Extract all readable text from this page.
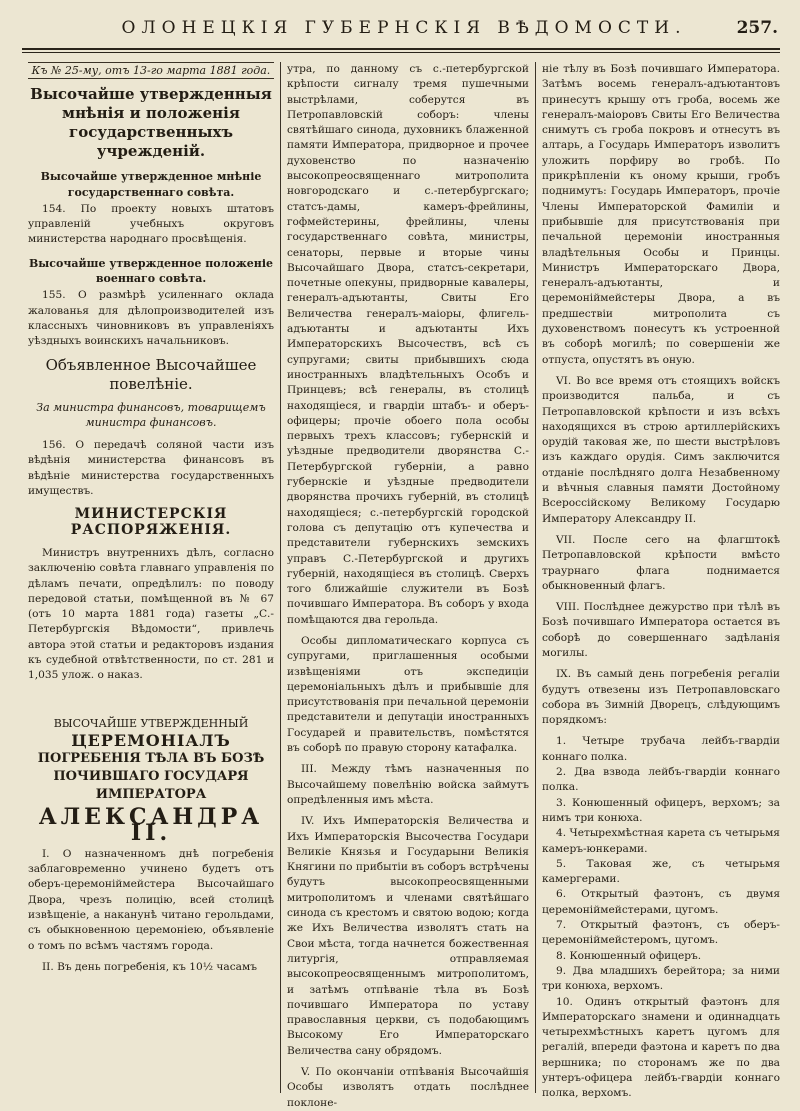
ОЛОНЕЦКІЯ ГУБЕРНСКІЯ ВѢДОМОСТИ.	257.

Къ № 25-му, отъ 13-го марта 1881 года.

Высочайше утвержденныя мнѣнія и положенія государственныхъ учрежденій.

Высочайше утвержденное мнѣніе государственнаго совѣта.

154. По проекту новыхъ штатовъ управленій учебныхъ округовъ министерства народнаго просвѣщенія.

Высочайше утвержденное положеніе военнаго совѣта.

155. О размѣрѣ усиленнаго оклада жалованья для дѣлопроизводителей изъ классныхъ чиновниковъ въ управленіяхъ уѣздныхъ воинскихъ начальниковъ.

Объявленное Высочайшее повелѣніе.

За министра финансовъ, товарищемъ министра финансовъ.

156. О передачѣ соляной части изъ вѣдѣнія министерства финансовъ въ вѣдѣніе министерства государственныхъ имуществъ.

МИНИСТЕРСКІЯ РАСПОРЯЖЕНІЯ.

Министръ внутреннихъ дѣлъ, согласно заключенію совѣта главнаго управленія по дѣламъ печати, опредѣлилъ: по поводу передовой статьи, помѣщенной въ № 67 (отъ 10 марта 1881 года) газеты „С.-Петербургскія Вѣдомости“, привлечь автора этой статьи и редакторовъ издания къ судебной отвѣтственности, по ст. 281 и 1,035 улож. о наказ.

ВЫСОЧАЙШЕ УТВЕРЖДЕННЫЙ

ЦЕРЕМОНІАЛЪ

ПОГРЕБЕНІЯ ТѢЛА ВЪ БОЗѢ ПОЧИВШАГО ГОСУДАРЯ ИМПЕРАТОРА

АЛЕКСАНДРА II.

I. О назначенномъ днѣ погребенія заблаговременно учинено будетъ отъ оберъ-церемоніймейстера Высочайшаго Двора, чрезъ полицію, всей столицѣ извѣщеніе, а наканунѣ читано герольдами, съ обыкновенною церемоніею, объявленіе о томъ по всѣмъ частямъ города.

II. Въ день погребенія, къ 10½ часамъ

утра, по данному съ с.-петербургской крѣпости сигналу тремя пушечными выстрѣлами, соберутся въ Петропавловскій соборъ: члены святѣйшаго синода, духовникъ блаженной памяти Императора, придворное и прочее духовенство по назначенію высокопреосвященнаго митрополита новгородскаго и с.-петербургскаго; статсъ-дамы, камеръ-фрейлины, гофмейстерины, фрейлины, члены государственнаго совѣта, министры, сенаторы, первые и вторые чины Высочайшаго Двора, статсъ-секретари, почетные опекуны, придворные кавалеры, генералъ-адъютанты, Свиты Его Величества генералъ-маіоры, флигель-адъютанты и адъютанты Ихъ Императорскихъ Высочествъ, всѣ съ супругами; свиты прибывшихъ сюда иностранныхъ владѣтельныхъ Особъ и Принцевъ; всѣ генералы, въ столицѣ находящіеся, и гвардіи штабъ- и оберъ-офицеры; прочіе обоего пола особы первыхъ трехъ классовъ; губернскій и уѣздные предводители дворянства С.-Петербургской губерніи, а равно губернскіе и уѣздные предводители дворянства прочихъ губерній, въ столицѣ находящіеся; с.-петербургскій городской голова съ депутацію отъ купечества и представители губернскихъ земскихъ управъ С.-Петербургской и другихъ губерній, находящіеся въ столицѣ. Сверхъ того ближайшіе служители въ Бозѣ почившаго Императора. Въ соборъ у входа помѣщаются два герольда.

Особы дипломатическаго корпуса съ супругами, приглашенныя особыми извѣщеніями отъ экспедиціи церемоніальныхъ дѣлъ и прибывшіе для присутствованія при печальной церемоніи представители и депутаціи иностранныхъ Государей и правительствъ, помѣстятся въ соборѣ по правую сторону катафалка.

III. Между тѣмъ назначенныя по Высочайшему повелѣнію войска займутъ опредѣленныя имъ мѣста.

IV. Ихъ Императорскія Величества и Ихъ Императорскія Высочества Государи Великіе Князья и Государыни Великія Княгини по прибытіи въ соборъ встрѣчены будутъ высокопреосвященными митрополитомъ и членами святѣйшаго синода съ крестомъ и святою водою; когда же Ихъ Величества изволятъ стать на Свои мѣста, тогда начнется божественная литургія, отправляемая высокопреосвященнымъ митрополитомъ, и затѣмъ отпѣваніе тѣла въ Бозѣ почившаго Императора по уставу православныя церкви, съ подобающимъ Высокому Его Императорскаго Величества сану обрядомъ.

V. По окончаніи отпѣванія Высочайшія Особы изволятъ отдать послѣднее поклоне-

ніе тѣлу въ Бозѣ почившаго Императора. Затѣмъ восемь генералъ-адъютантовъ принесутъ крышу отъ гроба, восемь же генералъ-маіоровъ Свиты Его Величества снимутъ съ гроба покровъ и отнесутъ въ алтарь, а Государь Императоръ изволитъ уложить порфиру во гробѣ. По прикрѣпленіи къ оному крыши, гробъ поднимутъ: Государь Императоръ, прочіе Члены Императорской Фамиліи и прибывшіе для присутствованія при печальной церемоніи иностранныя владѣтельныя Особы и Принцы. Министръ Императорскаго Двора, генералъ-адъютанты, и церемоніймейстеры Двора, а въ предшествіи митрополита съ духовенствомъ понесутъ къ устроенной въ соборѣ могилѣ; по совершеніи же отпуста, опустятъ въ оную.

VI. Во все время отъ стоящихъ войскъ производится пальба, и съ Петропавловской крѣпости и изъ всѣхъ находящихся въ строю артиллерійскихъ орудій таковая же, по шести выстрѣловъ изъ каждаго орудія. Симъ заключится отданіе послѣдняго долга Незабвенному и вѣчныя славныя памяти Достойному Всероссійскому Великому Государю Императору Александру II.

VII. После сего на флагштокѣ Петропавловской крѣпости вмѣсто траурнаго флага поднимается обыкновенный флагъ.

VIII. Послѣднее дежурство при тѣлѣ въ Бозѣ почившаго Императора остается въ соборѣ до совершеннаго задѣланія могилы.

IX. Въ самый день погребенія регаліи будутъ отвезены изъ Петропавловскаго собора въ Зимній Дворецъ, слѣдующимъ порядкомъ:

1. Четыре трубача лейбъ-гвардіи коннаго полка.

2. Два взвода лейбъ-гвардіи коннаго полка.

3. Конюшенный офицеръ, верхомъ; за нимъ три конюха.

4. Четырехмѣстная карета съ четырьмя камеръ-юнкерами.

5. Таковая же, съ четырьмя камергерами.

6. Открытый фаэтонъ, съ двумя церемоніймейстерами, цугомъ.

7. Открытый фаэтонъ, съ оберъ-церемоніймейстеромъ, цугомъ.

8. Конюшенный офицеръ.

9. Два младшихъ берейтора; за ними три конюха, верхомъ.

10. Одинъ открытый фаэтонъ для Императорскаго знамени и одиннадцать четырехмѣстныхъ каретъ цугомъ для регалій, впереди фаэтона и каретъ по два вершника; по сторонамъ же по два унтеръ-офицера лейбъ-гвардіи коннаго полка, верхомъ.
